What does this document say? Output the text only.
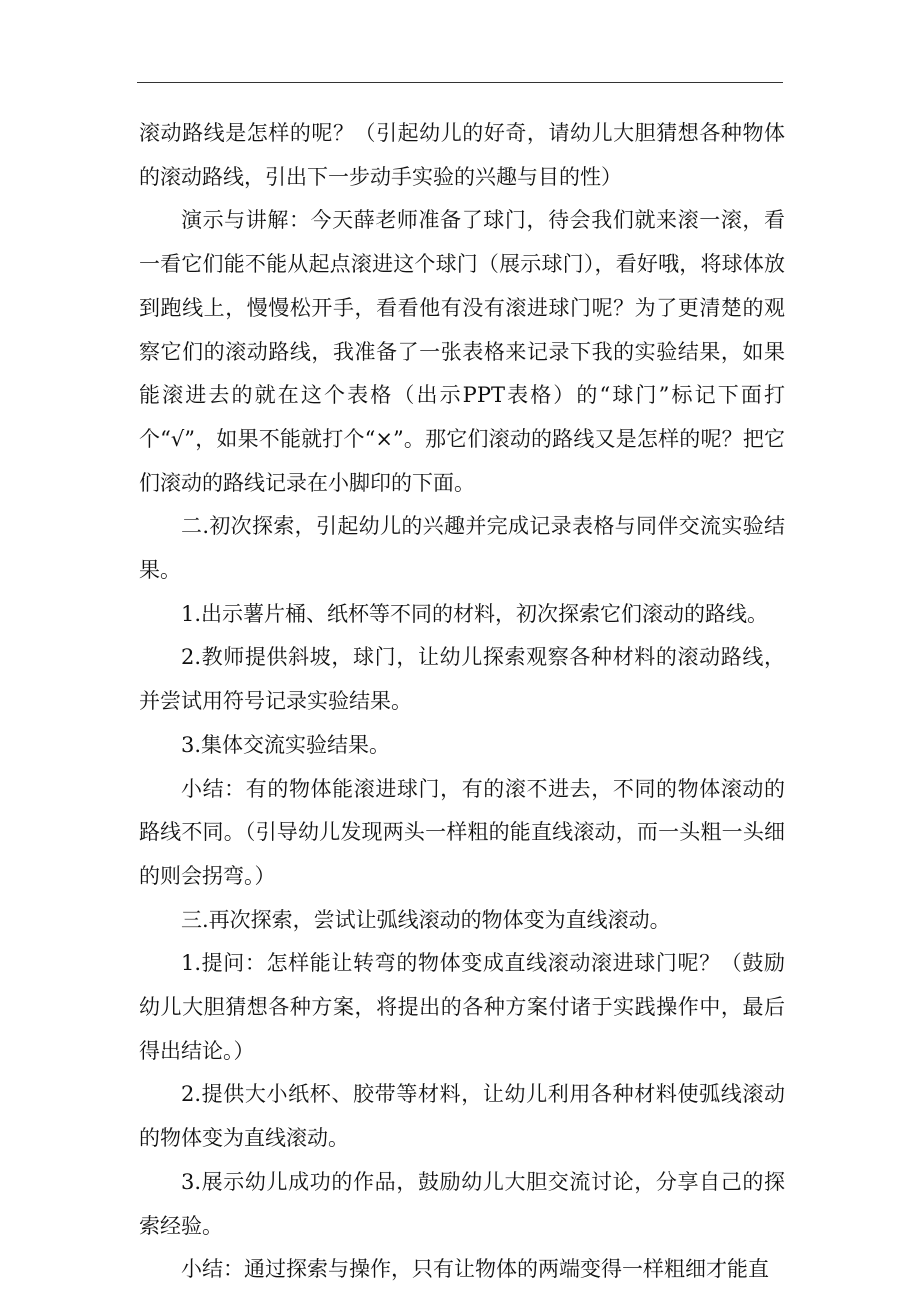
滚动路线是怎样的呢？（引起幼儿的好奇，请幼儿大胆猜想各种物体的滚动路线，引出下一步动手实验的兴趣与目的性）

演示与讲解：今天薛老师准备了球门，待会我们就来滚一滚，看一看它们能不能从起点滚进这个球门（展示球门），看好哦，将球体放到跑线上，慢慢松开手，看看他有没有滚进球门呢？为了更清楚的观察它们的滚动路线，我准备了一张表格来记录下我的实验结果，如果能滚进去的就在这个表格（出示PPT表格）的“球门”标记下面打个“√”，如果不能就打个“×”。那它们滚动的路线又是怎样的呢？把它们滚动的路线记录在小脚印的下面。

二.初次探索，引起幼儿的兴趣并完成记录表格与同伴交流实验结果。

1.出示薯片桶、纸杯等不同的材料，初次探索它们滚动的路线。

2.教师提供斜坡，球门，让幼儿探索观察各种材料的滚动路线，并尝试用符号记录实验结果。

3.集体交流实验结果。

小结：有的物体能滚进球门，有的滚不进去，不同的物体滚动的路线不同。（引导幼儿发现两头一样粗的能直线滚动，而一头粗一头细的则会拐弯。）

三.再次探索，尝试让弧线滚动的物体变为直线滚动。

1.提问：怎样能让转弯的物体变成直线滚动滚进球门呢？（鼓励幼儿大胆猜想各种方案，将提出的各种方案付诸于实践操作中，最后得出结论。）

2.提供大小纸杯、胶带等材料，让幼儿利用各种材料使弧线滚动的物体变为直线滚动。

3.展示幼儿成功的作品，鼓励幼儿大胆交流讨论，分享自己的探索经验。

小结：通过探索与操作，只有让物体的两端变得一样粗细才能直
